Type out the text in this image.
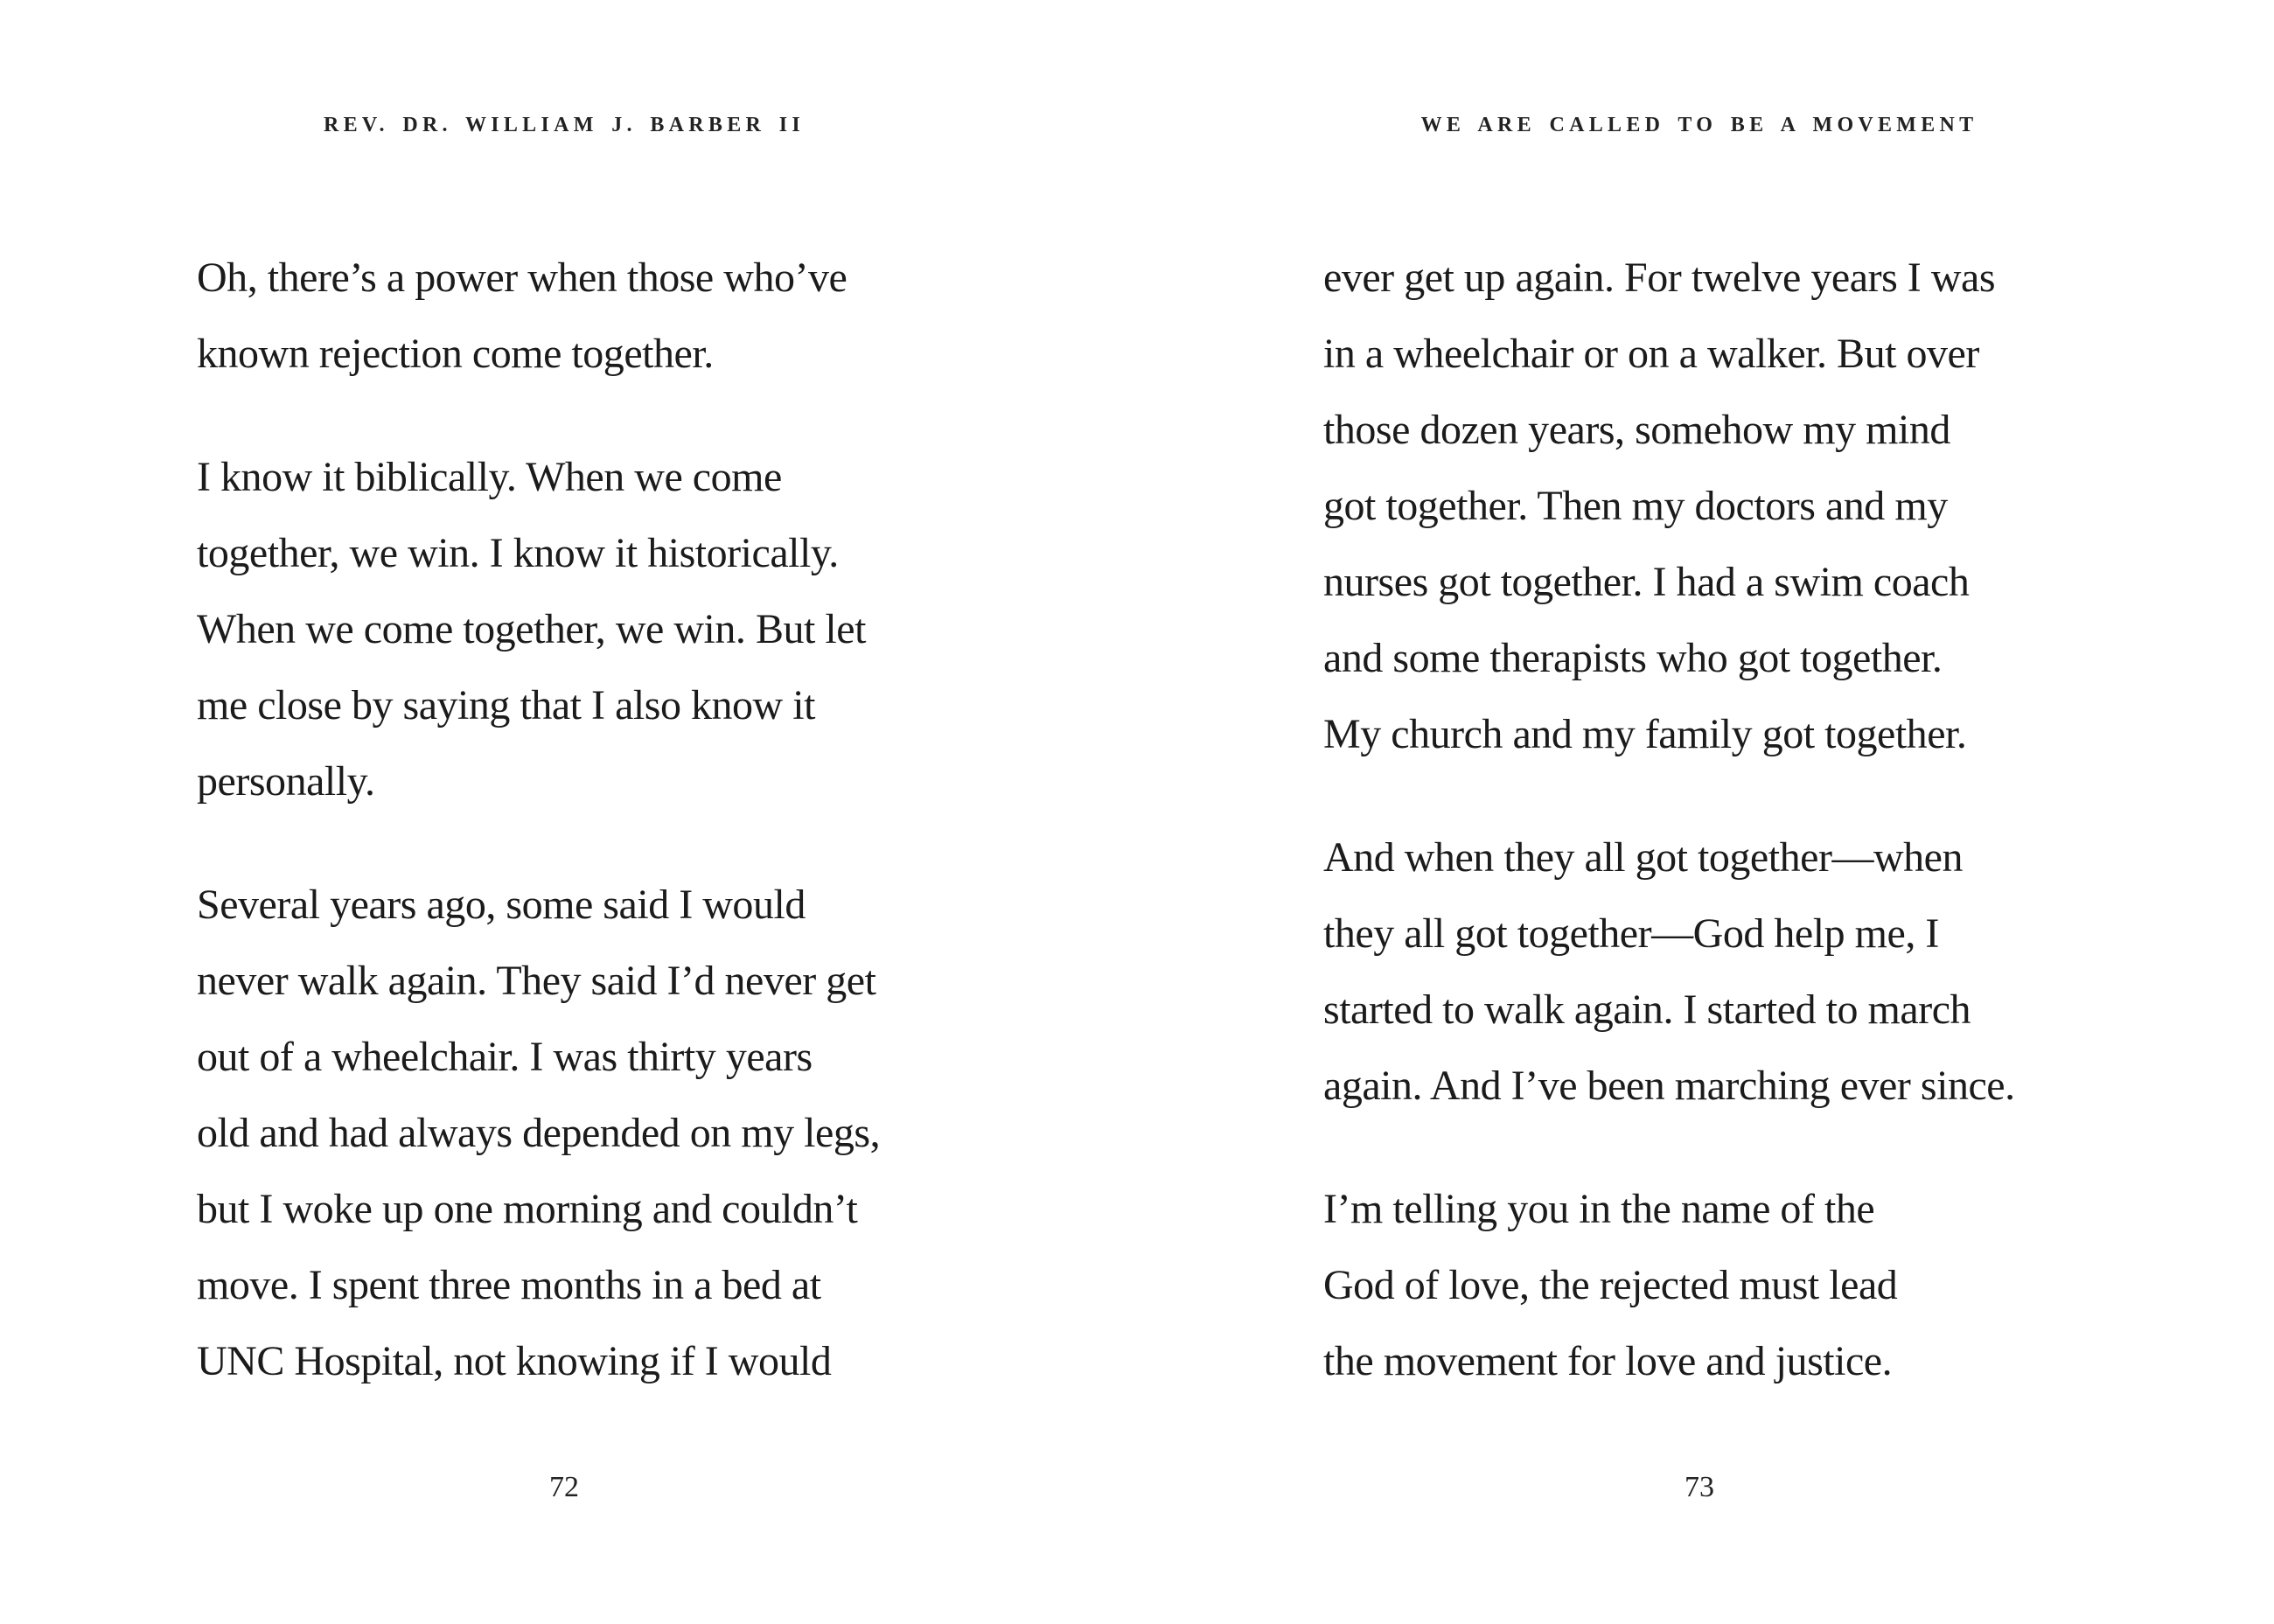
REV. DR. WILLIAM J. BARBER II
Oh, there’s a power when those who’ve
known rejection come together.
I know it biblically. When we come
together, we win. I know it historically.
When we come together, we win. But let
me close by saying that I also know it
personally.
Several years ago, some said I would
never walk again. They said I’d never get
out of a wheelchair. I was thirty years
old and had always depended on my legs,
but I woke up one morning and couldn’t
move. I spent three months in a bed at
UNC Hospital, not knowing if I would
72
WE ARE CALLED TO BE A MOVEMENT
ever get up again. For twelve years I was
in a wheelchair or on a walker. But over
those dozen years, somehow my mind
got together. Then my doctors and my
nurses got together. I had a swim coach
and some therapists who got together.
My church and my family got together.
And when they all got together—when
they all got together—God help me, I
started to walk again. I started to march
again. And I’ve been marching ever since.
I’m telling you in the name of the
God of love, the rejected must lead
the movement for love and justice.
73
